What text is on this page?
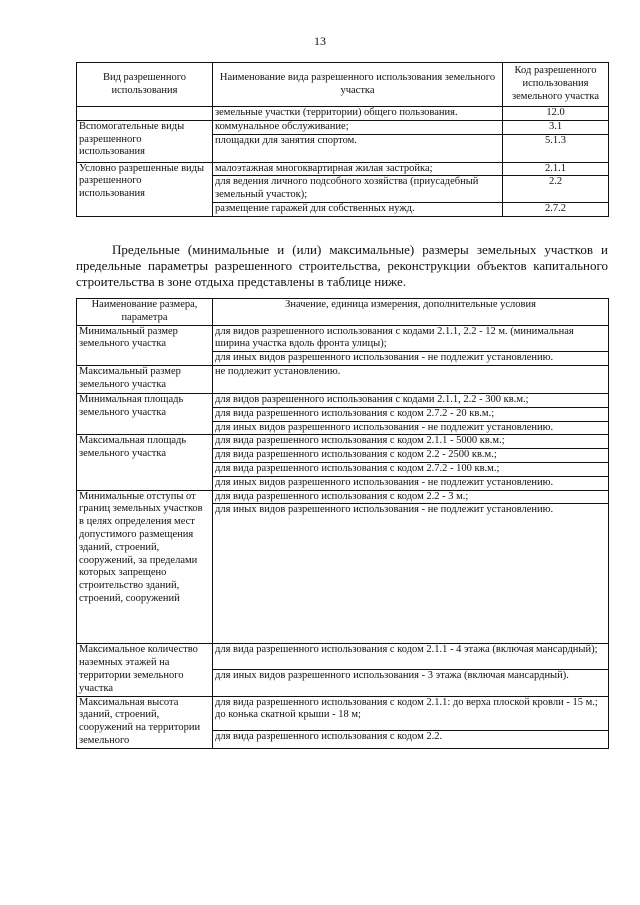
13
Вид разрешенного использования	Наименование вида разрешенного использования земельного участка	Код разрешенного использования земельного участка
	земельные участки (территории) общего пользования.	12.0
Вспомогательные виды разрешенного использования	коммунальное обслуживание;	3.1
	площадки для занятия спортом.	5.1.3
Условно разрешенные виды разрешенного использования	малоэтажная многоквартирная жилая застройка;	2.1.1
	для ведения личного подсобного хозяйства (приусадебный земельный участок);	2.2
	размещение гаражей для собственных нужд.	2.7.2

Предельные (минимальные и (или) максимальные) размеры земельных участков и предельные параметры разрешенного строительства, реконструкции объектов капитального строительства в зоне отдыха представлены в таблице ниже.

Наименование размера, параметра	Значение, единица измерения, дополнительные условия
Минимальный размер земельного участка	для видов разрешенного использования с кодами 2.1.1, 2.2 - 12 м. (минимальная ширина участка вдоль фронта улицы);
	для иных видов разрешенного использования - не подлежит установлению.
Максимальный размер земельного участка	не подлежит установлению.
Минимальная площадь земельного участка	для видов разрешенного использования с кодами 2.1.1, 2.2 - 300 кв.м.;
	для вида разрешенного использования с кодом 2.7.2 - 20 кв.м.;
	для иных видов разрешенного использования - не подлежит установлению.
Максимальная площадь земельного участка	для вида разрешенного использования с кодом 2.1.1 - 5000 кв.м.;
	для вида разрешенного использования с кодом 2.2 - 2500 кв.м.;
	для вида разрешенного использования с кодом 2.7.2 - 100 кв.м.;
	для иных видов разрешенного использования - не подлежит установлению.
Минимальные отступы от границ земельных участков в целях определения мест допустимого размещения зданий, строений, сооружений, за пределами которых запрещено строительство зданий, строений, сооружений	для вида разрешенного использования с кодом 2.2 - 3 м.;
	для иных видов разрешенного использования - не подлежит установлению.
Максимальное количество наземных этажей на территории земельного участка	для вида разрешенного использования с кодом 2.1.1 - 4 этажа (включая мансардный);
	для иных видов разрешенного использования - 3 этажа (включая мансардный).
Максимальная высота зданий, строений, сооружений на территории земельного	для вида разрешенного использования с кодом 2.1.1: до верха плоской кровли - 15 м.; до конька скатной крыши - 18 м;
	для вида разрешенного использования с кодом 2.2.
